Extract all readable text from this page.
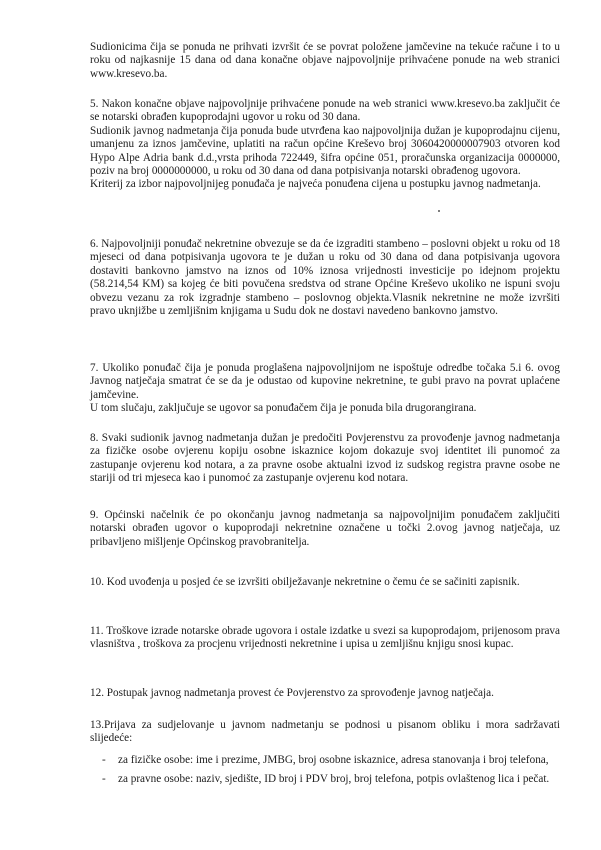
Sudionicima čija se ponuda ne prihvati izvršit će se povrat položene jamčevine na tekuće račune i to u roku od najkasnije 15 dana od dana konačne objave najpovoljnije prihvaćene ponude na web stranici www.kresevo.ba.

5. Nakon konačne objave najpovoljnije prihvaćene ponude na web stranici www.kresevo.ba zaključit će se notarski obrađen kupoprodajni ugovor u roku od 30 dana.
Sudionik javnog nadmetanja čija ponuda bude utvrđena kao najpovoljnija dužan je kupoprodajnu cijenu, umanjenu za iznos jamčevine, uplatiti na račun općine Kreševo broj 3060420000007903 otvoren kod Hypo Alpe Adria bank d.d.,vrsta prihoda 722449, šifra općine 051, proračunska organizacija 0000000, poziv na broj 0000000000, u roku od 30 dana od dana potpisivanja notarski obrađenog ugovora.
Kriterij za izbor najpovoljnijeg ponuđača je najveća ponuđena cijena u postupku javnog nadmetanja.

6. Najpovoljniji ponuđač nekretnine obvezuje se da će izgraditi stambeno – poslovni objekt u roku od 18 mjeseci od dana potpisivanja ugovora te je dužan u roku od 30 dana od dana potpisivanja ugovora dostaviti bankovno jamstvo na iznos od 10% iznosa vrijednosti investicije po idejnom projektu (58.214,54 KM) sa kojeg će biti povučena sredstva od strane Općine Kreševo ukoliko ne ispuni svoju obvezu vezanu za rok izgradnje stambeno – poslovnog objekta.Vlasnik nekretnine ne može izvršiti pravo uknjižbe u zemljišnim knjigama u Sudu dok ne dostavi navedeno bankovno jamstvo.

7. Ukoliko ponuđač čija je ponuda proglašena najpovoljnijom ne ispoštuje odredbe točaka 5.i 6. ovog Javnog natječaja smatrat će se da je odustao od kupovine nekretnine, te gubi pravo na povrat uplaćene jamčevine.
U tom slučaju, zaključuje se ugovor sa ponuđačem čija je ponuda bila drugorangirana.

8. Svaki sudionik javnog nadmetanja dužan je predočiti Povjerenstvu za provođenje javnog nadmetanja za fizičke osobe ovjerenu kopiju osobne iskaznice kojom dokazuje svoj identitet ili punomoć za zastupanje ovjerenu kod notara, a za pravne osobe aktualni izvod iz sudskog registra pravne osobe ne stariji od tri mjeseca kao i punomoć za zastupanje ovjerenu kod notara.

9. Općinski načelnik će po okončanju javnog nadmetanja sa najpovoljnijim ponuđačem zaključiti notarski obrađen ugovor o kupoprodaji nekretnine označene u točki 2.ovog javnog natječaja, uz pribavljeno mišljenje Općinskog pravobranitelja.

10. Kod uvođenja u posjed će se izvršiti obilježavanje nekretnine o čemu će se sačiniti zapisnik.

11. Troškove izrade notarske obrade ugovora i ostale izdatke u svezi sa kupoprodajom, prijenosom prava vlasništva , troškova za procjenu vrijednosti nekretnine i upisa u zemljišnu knjigu snosi kupac.

12. Postupak javnog nadmetanja provest će Povjerenstvo za sprovođenje javnog natječaja.

13.Prijava za sudjelovanje u javnom nadmetanju se podnosi u pisanom obliku i mora sadržavati slijedeće:

- za fizičke osobe: ime i prezime, JMBG, broj osobne iskaznice, adresa stanovanja i broj telefona,
- za pravne osobe: naziv, sjedište, ID broj i PDV broj, broj telefona, potpis ovlaštenog lica i pečat.
